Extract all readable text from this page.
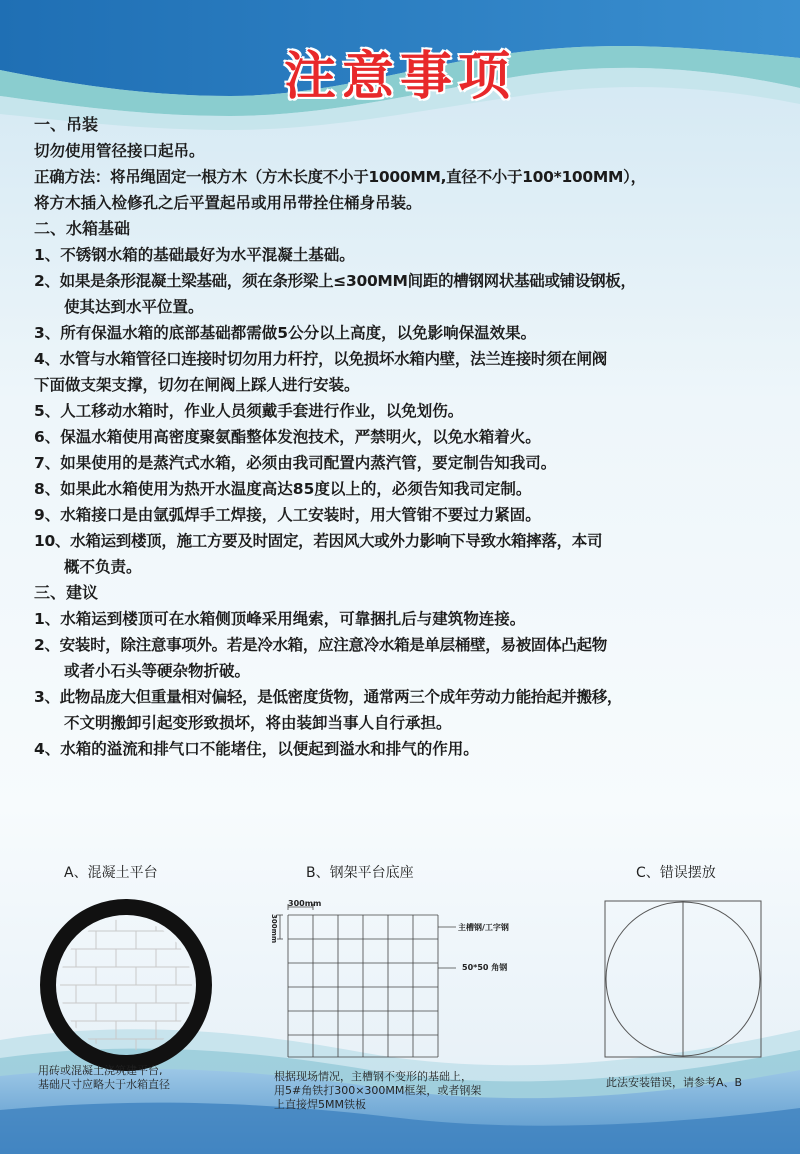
注意事项
一、吊装
切勿使用管径接口起吊。
正确方法：将吊绳固定一根方木（方木长度不小于1000MM,直径不小于100*100MM），
将方木插入检修孔之后平置起吊或用吊带拴住桶身吊装。
二、水箱基础
1、不锈钢水箱的基础最好为水平混凝土基础。
2、如果是条形混凝土梁基础，须在条形梁上≤300MM间距的槽钢网状基础或铺设钢板，
使其达到水平位置。
3、所有保温水箱的底部基础都需做5公分以上高度，以免影响保温效果。
4、水管与水箱管径口连接时切勿用力杆拧，以免损坏水箱内壁，法兰连接时须在闸阀
下面做支架支撑，切勿在闸阀上踩人进行安装。
5、人工移动水箱时，作业人员须戴手套进行作业，以免划伤。
6、保温水箱使用高密度聚氨酯整体发泡技术，严禁明火，以免水箱着火。
7、如果使用的是蒸汽式水箱，必须由我司配置内蒸汽管，要定制告知我司。
8、如果此水箱使用为热开水温度高达85度以上的，必须告知我司定制。
9、水箱接口是由氩弧焊手工焊接，人工安装时，用大管钳不要过力紧固。
10、水箱运到楼顶，施工方要及时固定，若因风大或外力影响下导致水箱摔落，本司
概不负责。
三、建议
1、水箱运到楼顶可在水箱侧顶峰采用绳索，可靠捆扎后与建筑物连接。
2、安装时，除注意事项外。若是冷水箱，应注意冷水箱是单层桶壁，易被固体凸起物
或者小石头等硬杂物折破。
3、此物品庞大但重量相对偏轻，是低密度货物，通常两三个成年劳动力能抬起并搬移，
不文明搬卸引起变形致损坏，将由装卸当事人自行承担。
4、水箱的溢流和排气口不能堵住，以便起到溢水和排气的作用。
A、混凝土平台
用砖或混凝土浇筑建平台,
基础尺寸应略大于水箱直径
B、钢架平台底座
300mm
300mm	主槽钢/工字钢
50*50 角钢
根据现场情况，主槽钢不变形的基础上，
用5#角铁打300×300MM框架，或者钢架
上直接焊5MM铁板
C、错误摆放
此法安装错误，请参考A、B
